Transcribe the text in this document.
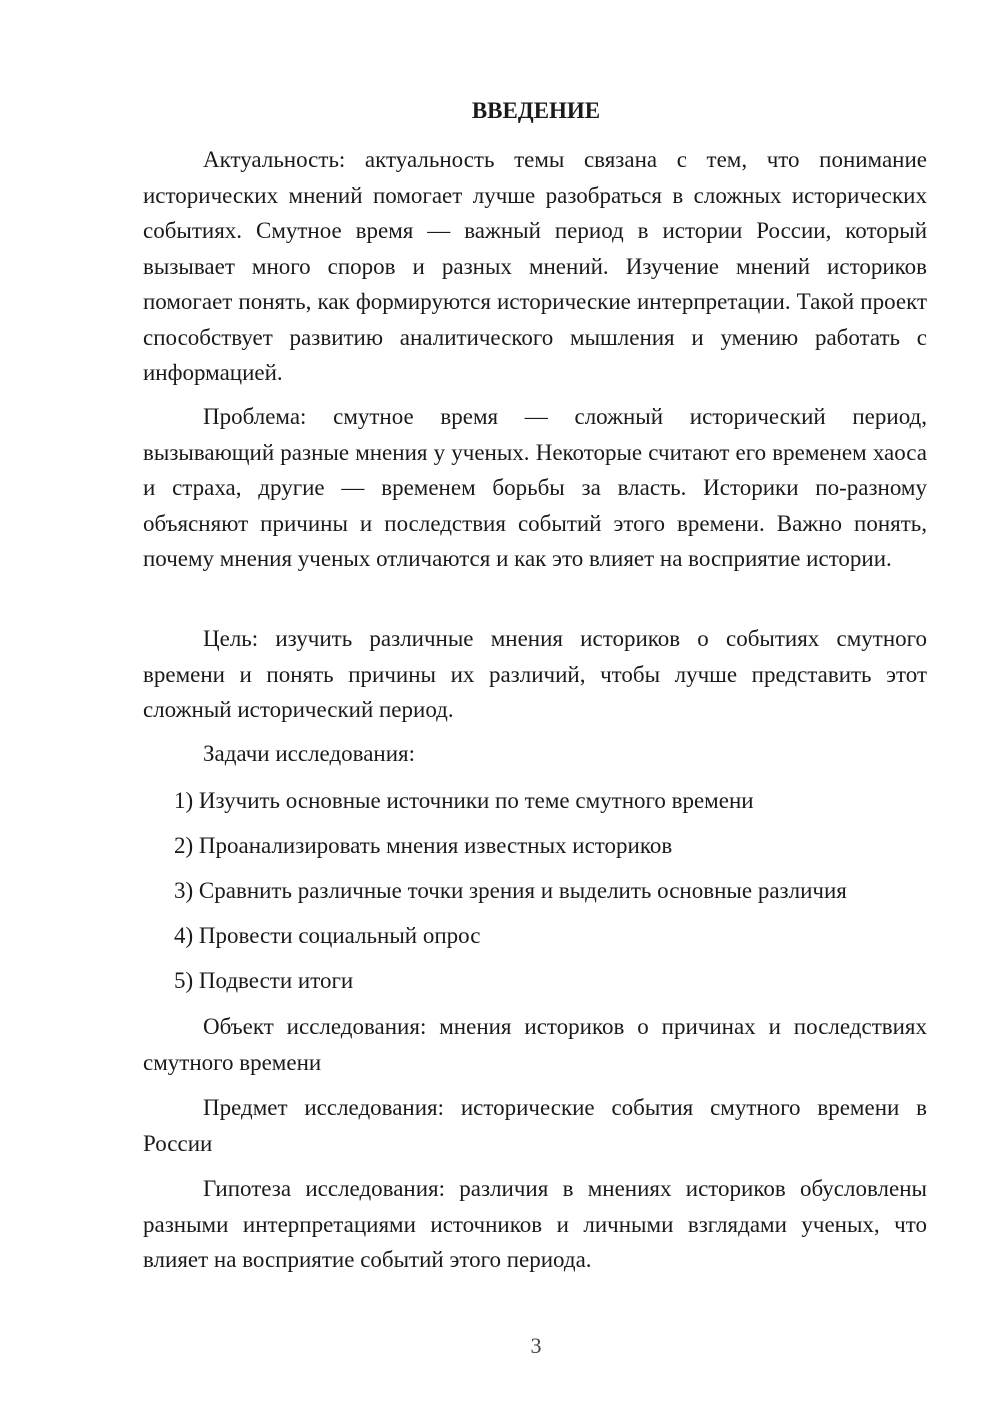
ВВЕДЕНИЕ
Актуальность: актуальность темы связана с тем, что понимание исторических мнений помогает лучше разобраться в сложных исторических событиях. Смутное время — важный период в истории России, который вызывает много споров и разных мнений. Изучение мнений историков помогает понять, как формируются исторические интерпретации. Такой проект способствует развитию аналитического мышления и умению работать с информацией.
Проблема: смутное время — сложный исторический период, вызывающий разные мнения у ученых. Некоторые считают его временем хаоса и страха, другие — временем борьбы за власть. Историки по-разному объясняют причины и последствия событий этого времени. Важно понять, почему мнения ученых отличаются и как это влияет на восприятие истории.
Цель: изучить различные мнения историков о событиях смутного времени и понять причины их различий, чтобы лучше представить этот сложный исторический период.
Задачи исследования:
1) Изучить основные источники по теме смутного времени
2) Проанализировать мнения известных историков
3) Сравнить различные точки зрения и выделить основные различия
4) Провести социальный опрос
5) Подвести итоги
Объект исследования: мнения историков о причинах и последствиях смутного времени
Предмет исследования: исторические события смутного времени в России
Гипотеза исследования: различия в мнениях историков обусловлены разными интерпретациями источников и личными взглядами ученых, что влияет на восприятие событий этого периода.
3
